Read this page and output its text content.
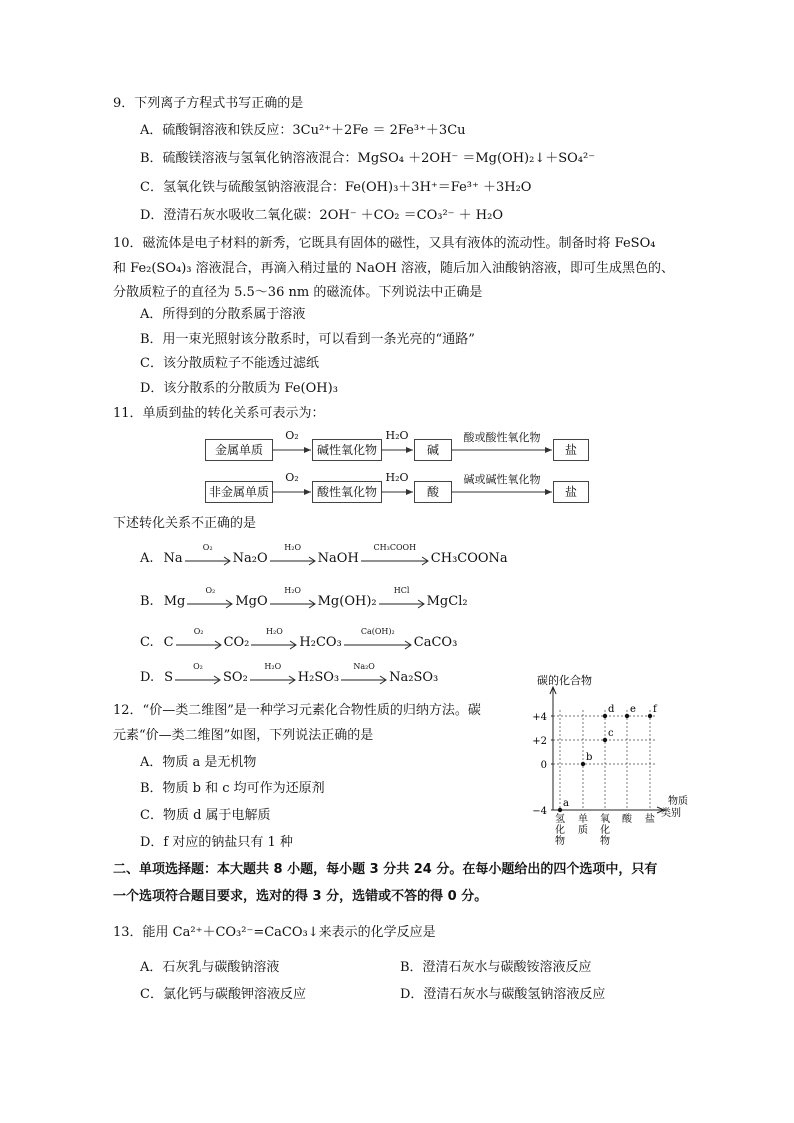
9．下列离子方程式书写正确的是
A．硫酸铜溶液和铁反应：3Cu²⁺＋2Fe ＝ 2Fe³⁺＋3Cu
B．硫酸镁溶液与氢氧化钠溶液混合：MgSO₄ ＋2OH⁻ ＝Mg(OH)₂↓＋SO₄²⁻
C．氢氧化铁与硫酸氢钠溶液混合：Fe(OH)₃＋3H⁺＝Fe³⁺ ＋3H₂O
D．澄清石灰水吸收二氧化碳：2OH⁻ ＋CO₂ ＝CO₃²⁻ ＋ H₂O
10．磁流体是电子材料的新秀，它既具有固体的磁性，又具有液体的流动性。制备时将 FeSO₄
和 Fe₂(SO₄)₃ 溶液混合，再滴入稍过量的 NaOH 溶液，随后加入油酸钠溶液，即可生成黑色的、
分散质粒子的直径为 5.5～36 nm 的磁流体。下列说法中正确是
A．所得到的分散系属于溶液
B．用一束光照射该分散系时，可以看到一条光亮的“通路”
C．该分散质粒子不能透过滤纸
D．该分散系的分散质为 Fe(OH)₃
11．单质到盐的转化关系可表示为：
金属单质
O₂
碱性氧化物
H₂O
碱
酸或酸性氧化物
盐
非金属单质
O₂
酸性氧化物
H₂O
酸
碱或碱性氧化物
盐
下述转化关系不正确的是
A. Na
O₂
Na₂O
H₂O
NaOH
CH₃COOH
CH₃COONa
B. Mg
O₂
MgO
H₂O
Mg(OH)₂
HCl
MgCl₂
C. C
O₂
CO₂
H₂O
H₂CO₃
Ca(OH)₂
CaCO₃
D. S
O₂
SO₂
H₂O
H₂SO₃
Na₂O
Na₂SO₃
12．“价—类二维图”是一种学习元素化合物性质的归纳方法。碳
元素“价—类二维图”如图，下列说法正确的是
A．物质 a 是无机物
B．物质 b 和 c 均可作为还原剂
C．物质 d 属于电解质
D．f 对应的钠盐只有 1 种
碳的化合物
+4
+2
0
−4
氢化物
单质
氧化物
酸 盐
物质类别
a
b
c
d e f
二、单项选择题：本大题共 8 小题，每小题 3 分共 24 分。在每小题给出的四个选项中，只有
一个选项符合题目要求，选对的得 3 分，选错或不答的得 0 分。
13．能用 Ca²⁺＋CO₃²⁻=CaCO₃↓来表示的化学反应是
A．石灰乳与碳酸钠溶液	B．澄清石灰水与碳酸铵溶液反应
C．氯化钙与碳酸钾溶液反应	D．澄清石灰水与碳酸氢钠溶液反应
